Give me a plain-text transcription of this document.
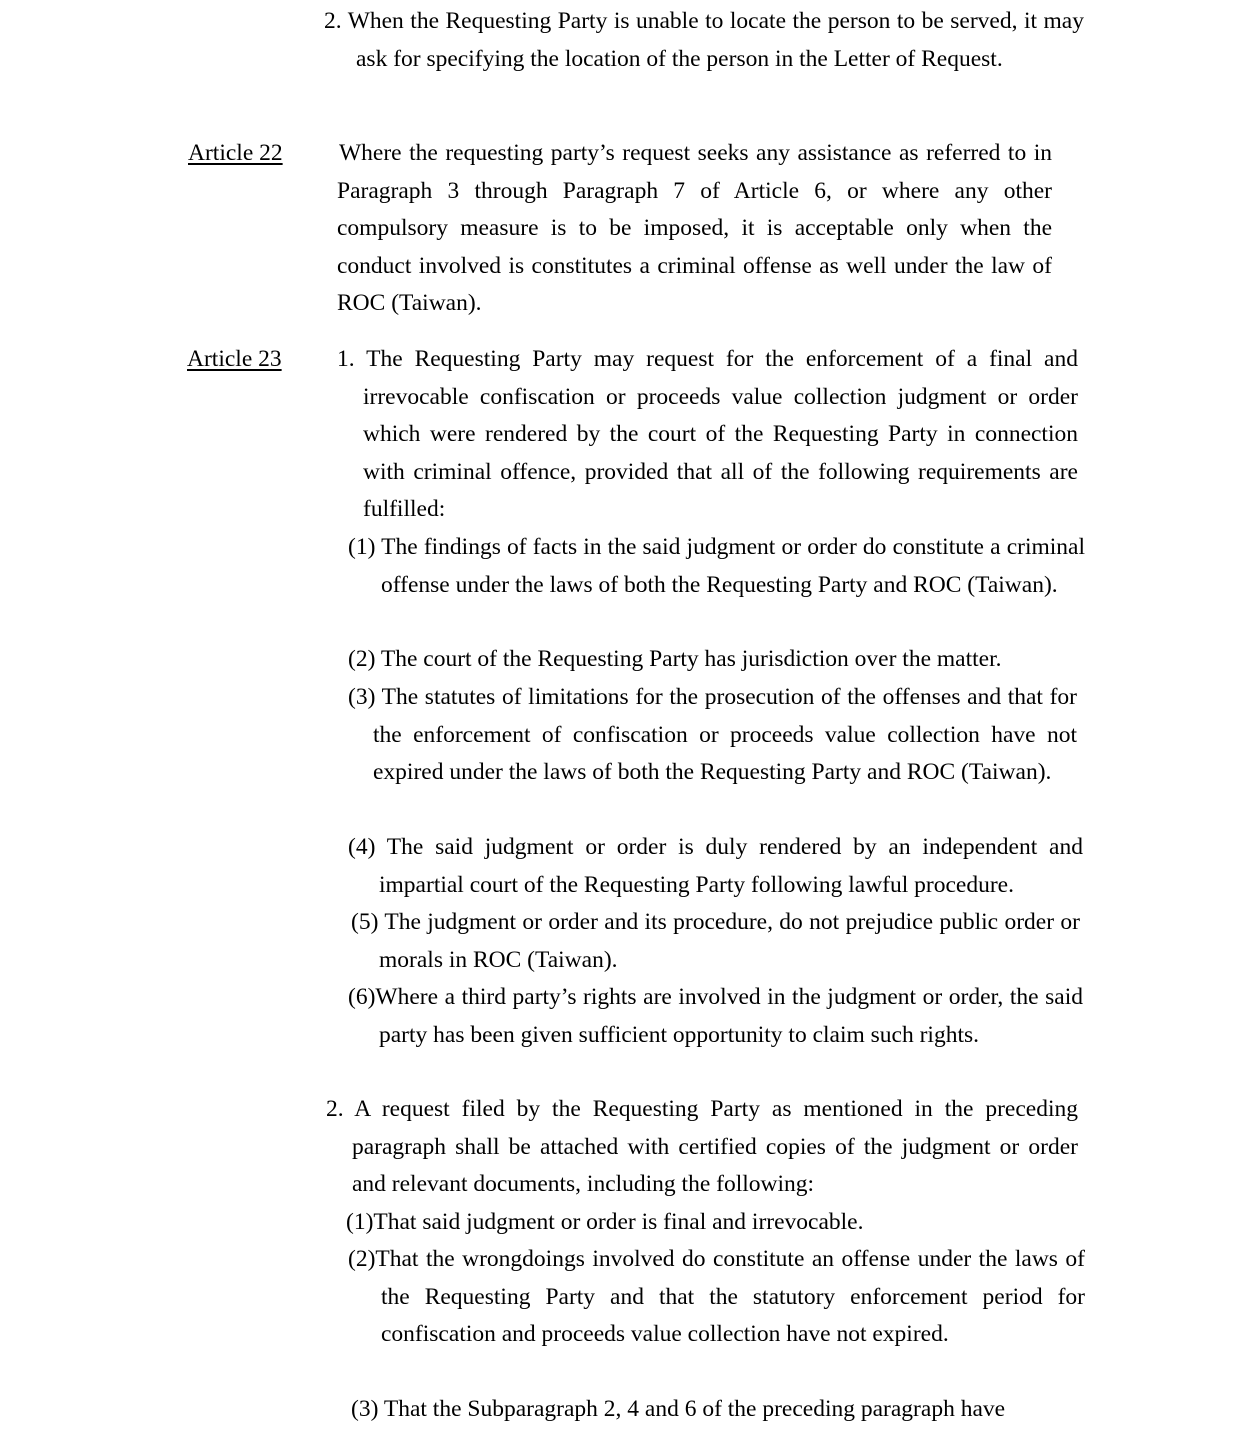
2. When the Requesting Party is unable to locate the person to be served, it may ask for specifying the location of the person in the Letter of Request.

Article 22 Where the requesting party’s request seeks any assistance as referred to in Paragraph 3 through Paragraph 7 of Article 6, or where any other compulsory measure is to be imposed, it is acceptable only when the conduct involved is constitutes a criminal offense as well under the law of ROC (Taiwan).

Article 23 1. The Requesting Party may request for the enforcement of a final and irrevocable confiscation or proceeds value collection judgment or order which were rendered by the court of the Requesting Party in connection with criminal offence, provided that all of the following requirements are fulfilled:

(1) The findings of facts in the said judgment or order do constitute a criminal offense under the laws of both the Requesting Party and ROC (Taiwan).

(2) The court of the Requesting Party has jurisdiction over the matter.

(3) The statutes of limitations for the prosecution of the offenses and that for the enforcement of confiscation or proceeds value collection have not expired under the laws of both the Requesting Party and ROC (Taiwan).

(4) The said judgment or order is duly rendered by an independent and impartial court of the Requesting Party following lawful procedure.

(5) The judgment or order and its procedure, do not prejudice public order or morals in ROC (Taiwan).

(6)Where a third party’s rights are involved in the judgment or order, the said party has been given sufficient opportunity to claim such rights.

2. A request filed by the Requesting Party as mentioned in the preceding paragraph shall be attached with certified copies of the judgment or order and relevant documents, including the following:

(1)That said judgment or order is final and irrevocable.

(2)That the wrongdoings involved do constitute an offense under the laws of the Requesting Party and that the statutory enforcement period for confiscation and proceeds value collection have not expired.

(3) That the Subparagraph 2, 4 and 6 of the preceding paragraph have
